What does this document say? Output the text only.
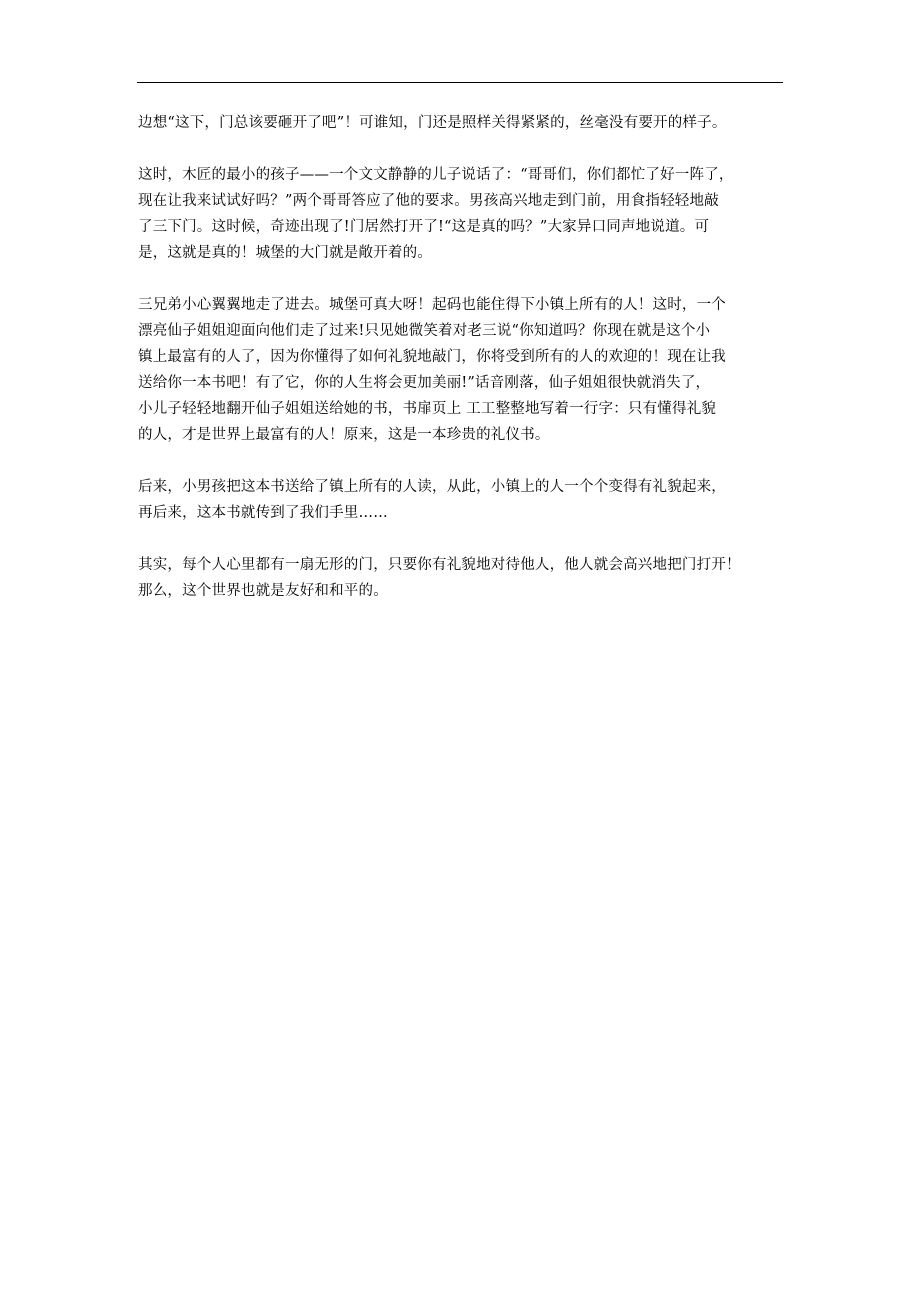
边想“这下，门总该要砸开了吧”！可谁知，门还是照样关得紧紧的，丝毫没有要开的样子。

这时，木匠的最小的孩子——一个文文静静的儿子说话了：“哥哥们，你们都忙了好一阵了，
现在让我来试试好吗？”两个哥哥答应了他的要求。男孩高兴地走到门前，用食指轻轻地敲
了三下门。这时候，奇迹出现了!门居然打开了!“这是真的吗？”大家异口同声地说道。可
是，这就是真的！城堡的大门就是敞开着的。

三兄弟小心翼翼地走了进去。城堡可真大呀！起码也能住得下小镇上所有的人！这时，一个
漂亮仙子姐姐迎面向他们走了过来!只见她微笑着对老三说“你知道吗？你现在就是这个小
镇上最富有的人了，因为你懂得了如何礼貌地敲门，你将受到所有的人的欢迎的！现在让我
送给你一本书吧！有了它，你的人生将会更加美丽!”话音刚落，仙子姐姐很快就消失了，
小儿子轻轻地翻开仙子姐姐送给她的书，书扉页上 工工整整地写着一行字：只有懂得礼貌
的人，才是世界上最富有的人！原来，这是一本珍贵的礼仪书。

后来，小男孩把这本书送给了镇上所有的人读，从此，小镇上的人一个个变得有礼貌起来，
再后来，这本书就传到了我们手里……

其实，每个人心里都有一扇无形的门，只要你有礼貌地对待他人，他人就会高兴地把门打开！
那么，这个世界也就是友好和和平的。
